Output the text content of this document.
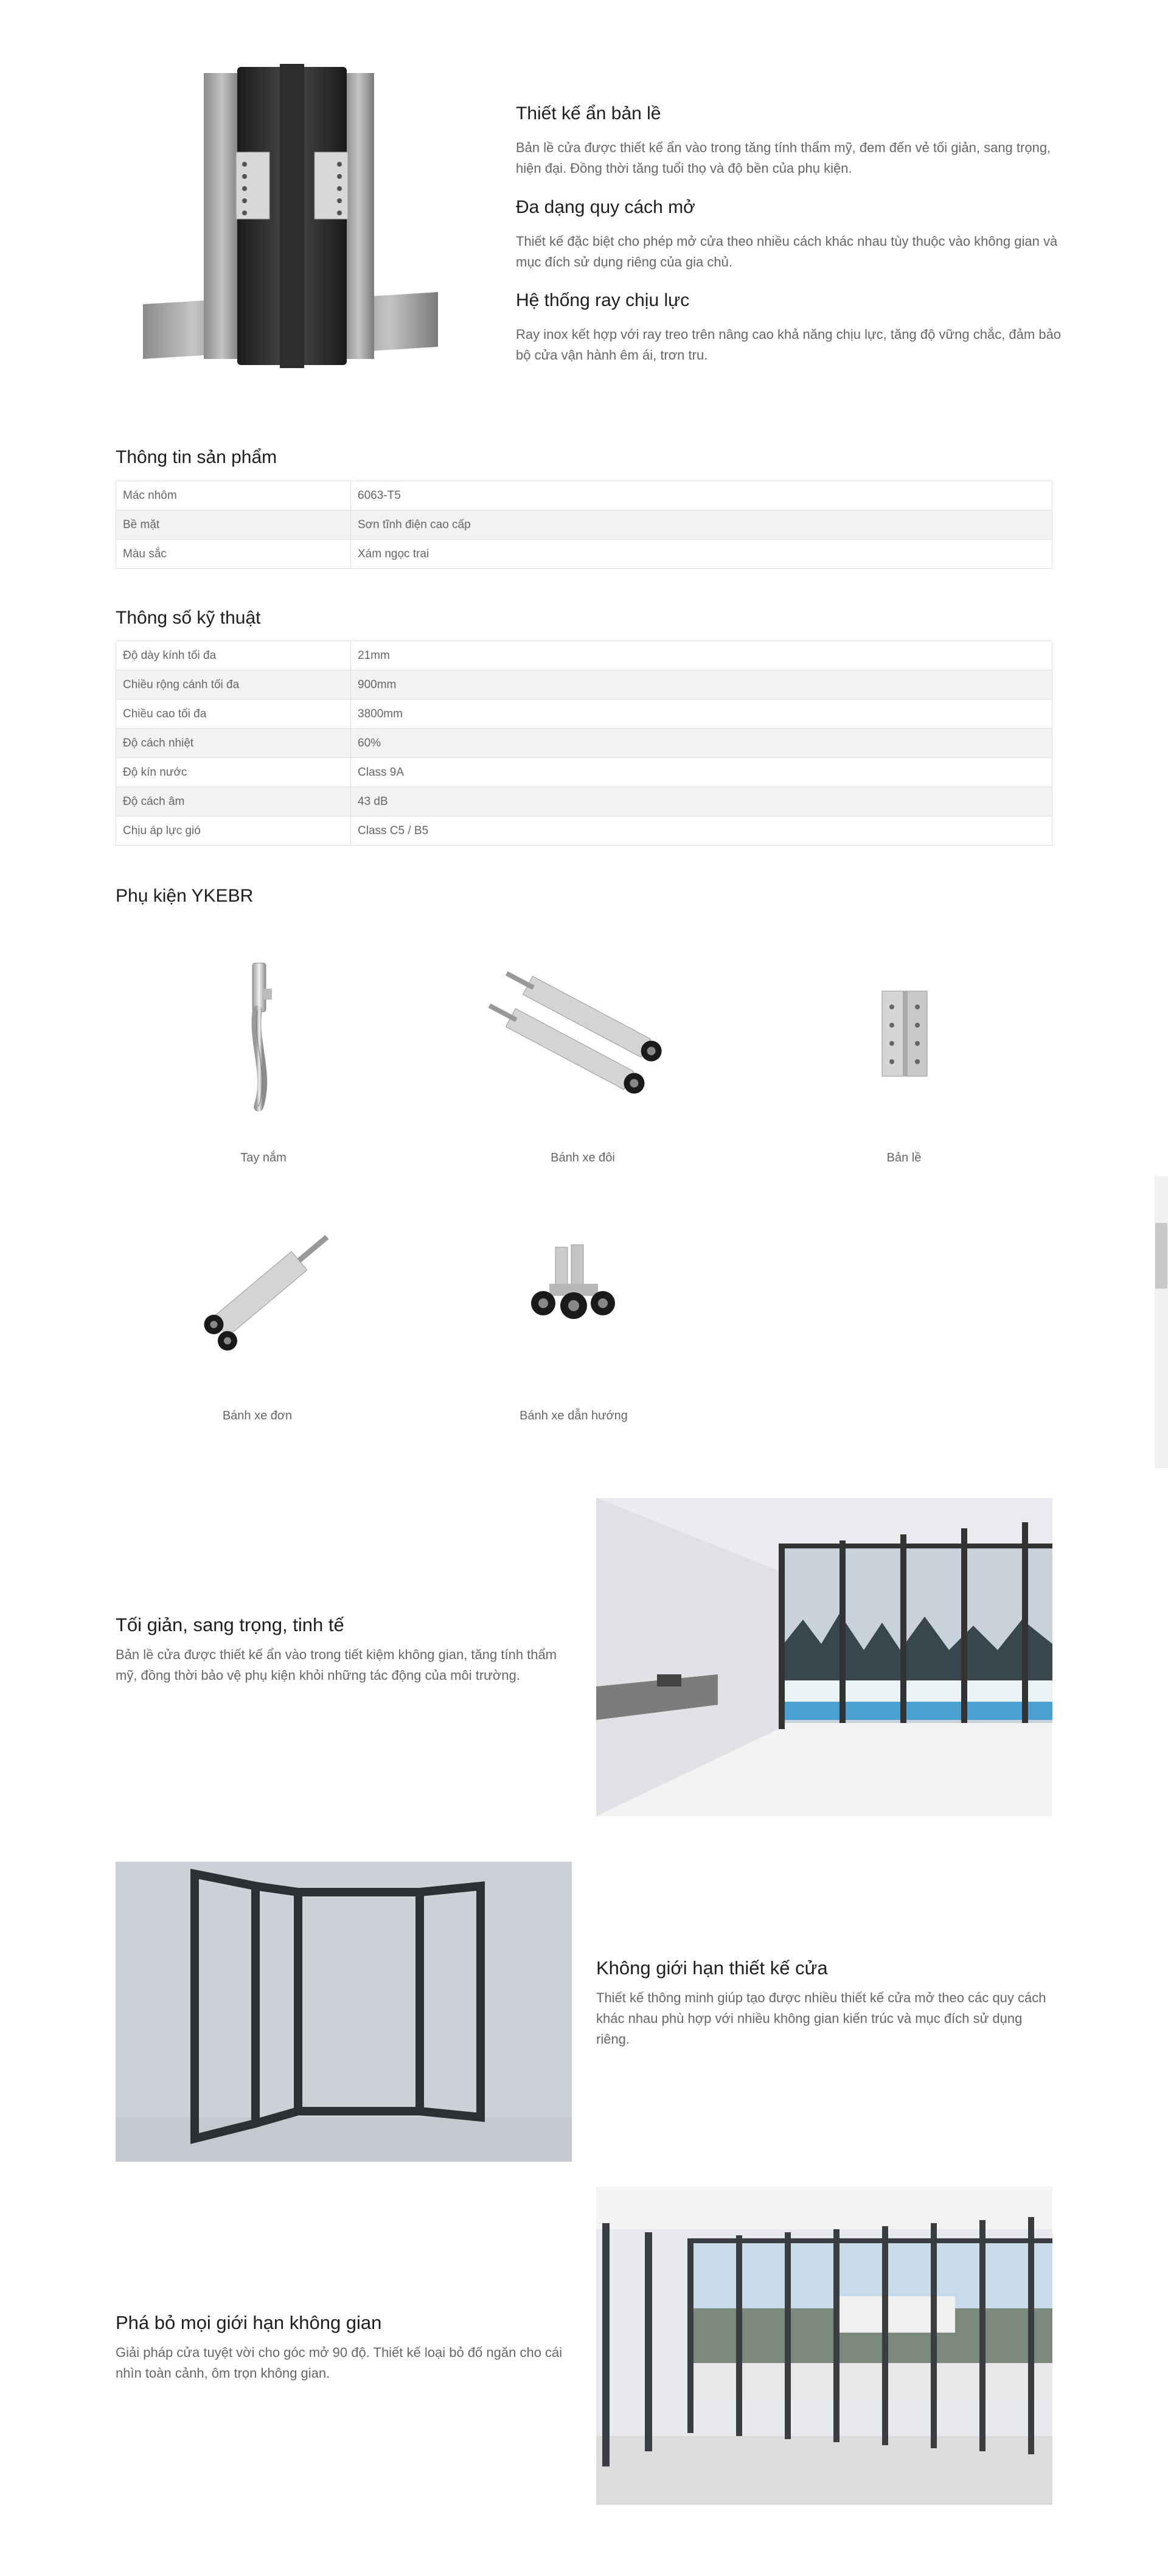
Thiết kế ẩn bản lề

Bản lề cửa được thiết kế ẩn vào trong tăng tính thẩm mỹ, đem đến vẻ tối giản, sang trọng, hiện đại. Đồng thời tăng tuổi thọ và độ bền của phụ kiện.

Đa dạng quy cách mở

Thiết kế đặc biệt cho phép mở cửa theo nhiều cách khác nhau tùy thuộc vào không gian và mục đích sử dụng riêng của gia chủ.

Hệ thống ray chịu lực

Ray inox kết hợp với ray treo trên nâng cao khả năng chịu lực, tăng độ vững chắc, đảm bảo bộ cửa vận hành êm ái, trơn tru.

Thông tin sản phẩm
Mác nhôm	6063-T5
Bề mặt	Sơn tĩnh điện cao cấp
Màu sắc	Xám ngọc trai
Thông số kỹ thuật
Độ dày kính tối đa	21mm
Chiều rộng cánh tối đa	900mm
Chiều cao tối đa	3800mm
Độ cách nhiệt	60%
Độ kín nước	Class 9A
Độ cách âm	43 dB
Chịu áp lực gió	Class C5 / B5
Phụ kiện YKEBR
Tay nắm	Bánh xe đôi	Bản lề
Bánh xe đơn	Bánh xe dẫn hướng
Tối giản, sang trọng, tinh tế

Bản lề cửa được thiết kế ẩn vào trong tiết kiệm không gian, tăng tính thẩm mỹ, đồng thời bảo vệ phụ kiện khỏi những tác động của môi trường.

Không giới hạn thiết kế cửa

Thiết kế thông minh giúp tạo được nhiều thiết kế cửa mở theo các quy cách khác nhau phù hợp với nhiều không gian kiến trúc và mục đích sử dụng riêng.

Phá bỏ mọi giới hạn không gian

Giải pháp cửa tuyệt vời cho góc mở 90 độ. Thiết kế loại bỏ đố ngăn cho cái nhìn toàn cảnh, ôm trọn không gian.
